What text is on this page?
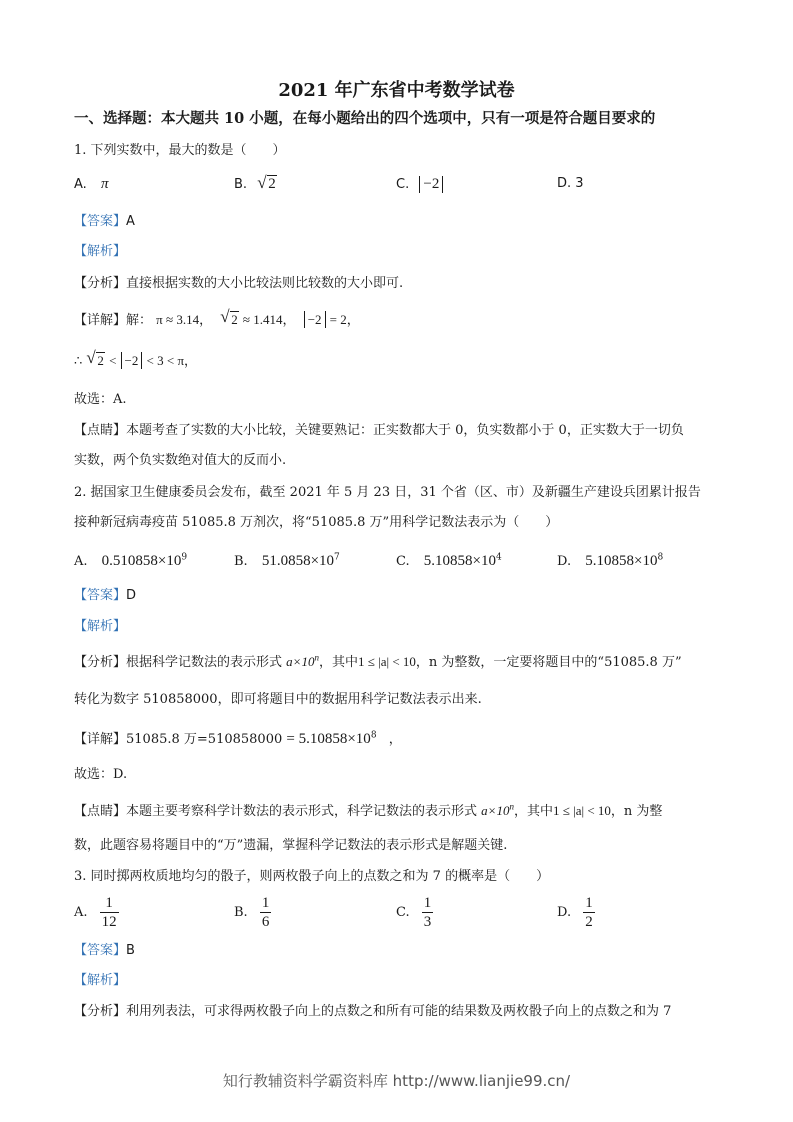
2021 年广东省中考数学试卷
一、选择题：本大题共 10 小题，在每小题给出的四个选项中，只有一项是符合题目要求的
1. 下列实数中，最大的数是（　　）
A. π	B. √ 2	C. −2	D. 3
【答案】A
【解析】
【分析】直接根据实数的大小比较法则比较数的大小即可.
【详解】解： π ≈ 3.14， √ 2 ≈ 1.414， −2 = 2，
∴ √ 2 < −2 < 3 < π，
故选：A.
【点睛】本题考查了实数的大小比较，关键要熟记：正实数都大于 0，负实数都小于 0，正实数大于一切负
实数，两个负实数绝对值大的反而小.
2. 据国家卫生健康委员会发布，截至 2021 年 5 月 23 日，31 个省（区、市）及新疆生产建设兵团累计报告
接种新冠病毒疫苗 51085.8 万剂次，将“51085.8 万”用科学记数法表示为（　　）
A. $0.510858\times 10^9$	B. $51.0858\times 10^7$	C. $5.10858\times 10^4$	D. $5.10858\times 10^8$
【答案】D
【解析】
【分析】根据科学记数法的表示形式 $a\times 10^n$，其中1 ≤ |a| < 10，n 为整数，一定要将题目中的“51085.8 万”
转化为数字 510858000，即可将题目中的数据用科学记数法表示出来.
【详解】51085.8 万$=510858000 = 5.10858\times 10^8$ ，
故选：D.
【点睛】本题主要考察科学计数法的表示形式，科学记数法的表示形式 $a\times 10^n$，其中1 ≤ |a| < 10，n 为整
数，此题容易将题目中的“万”遗漏，掌握科学记数法的表示形式是解题关键.
3. 同时掷两枚质地均匀的骰子，则两枚骰子向上的点数之和为 7 的概率是（　　）
A. $\frac{1}{12}$	B. $\frac{1}{6}$	C. $\frac{1}{3}$	D. $\frac{1}{2}$
【答案】B
【解析】
【分析】利用列表法，可求得两枚骰子向上的点数之和所有可能的结果数及两枚骰子向上的点数之和为 7
知行教辅资料学霸资料库 http://www.lianjie99.cn/
